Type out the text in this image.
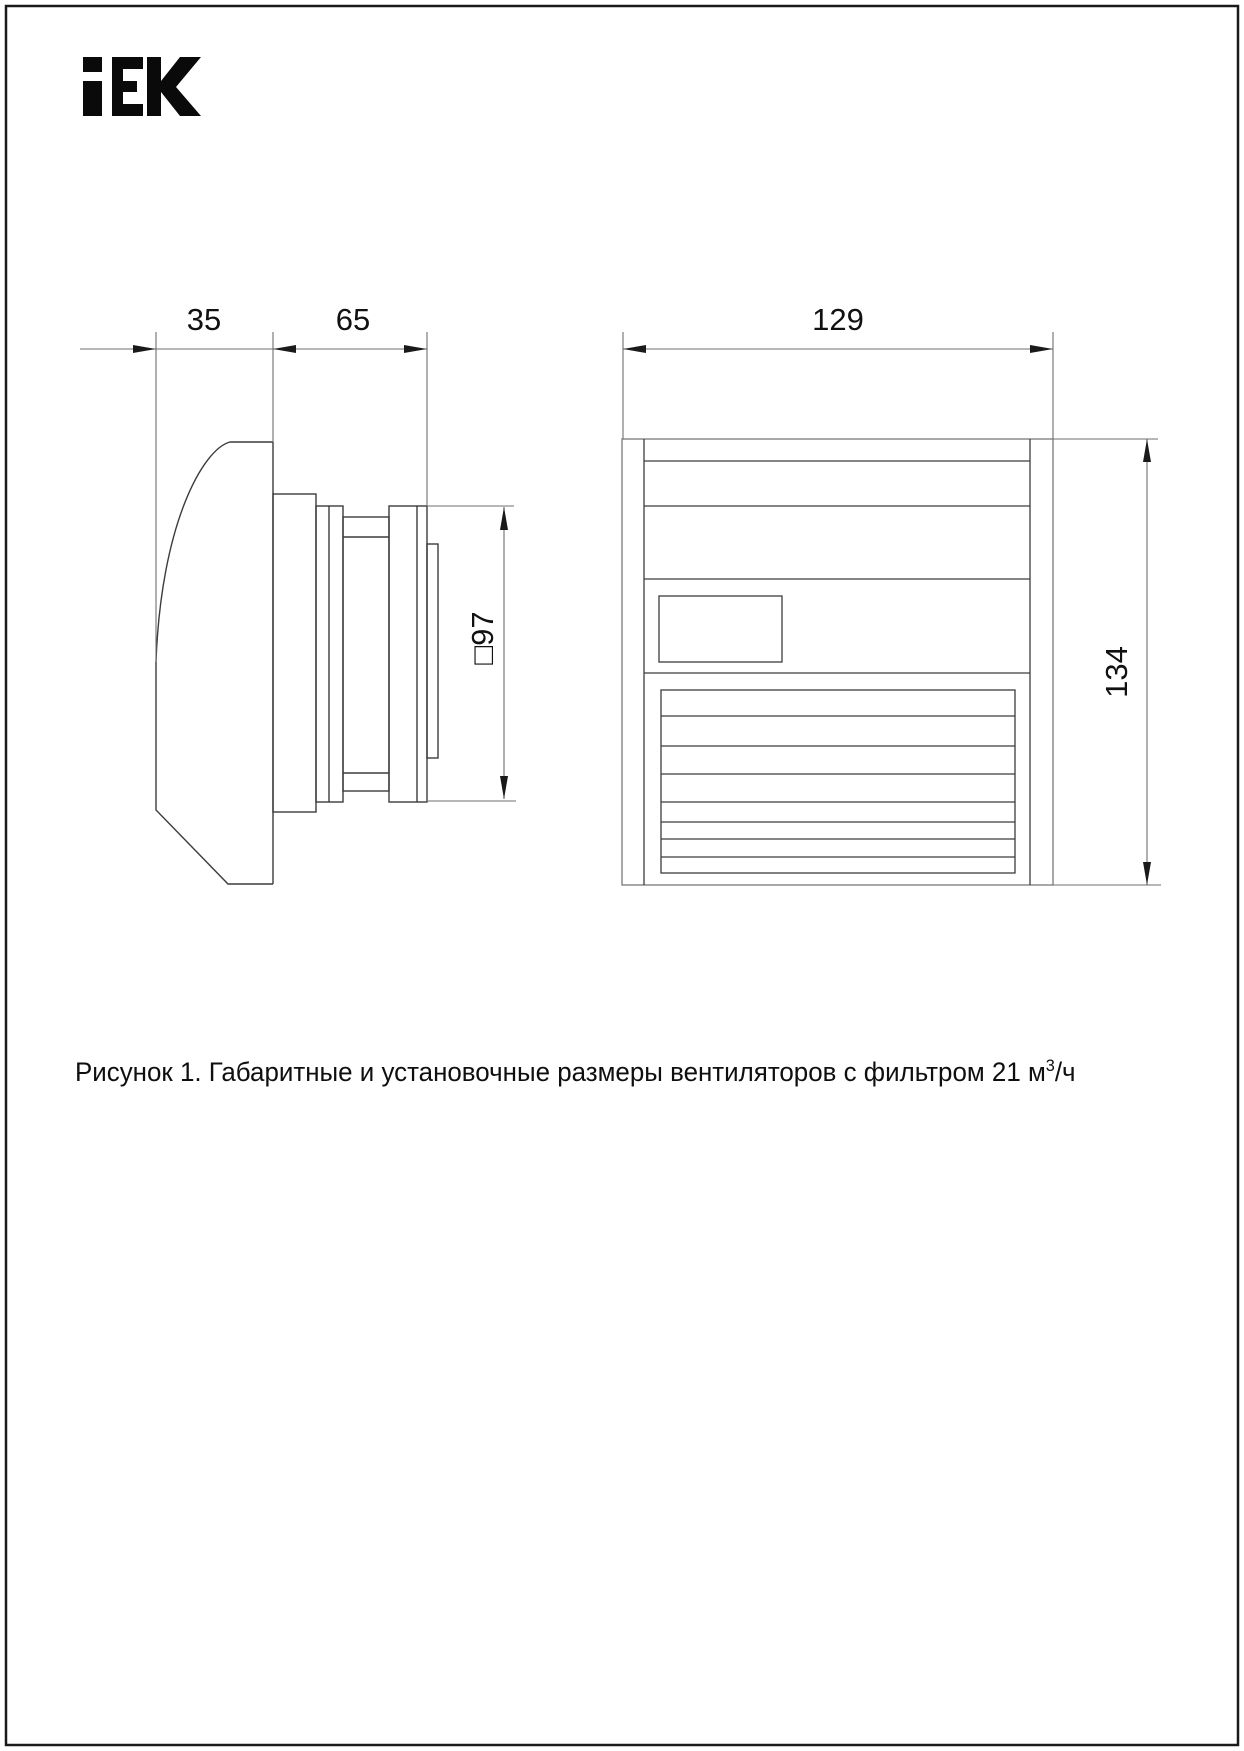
35	65	129
□97
134
Рисунок 1. Габаритные и установочные размеры вентиляторов с фильтром 21 $м^3/ч$
